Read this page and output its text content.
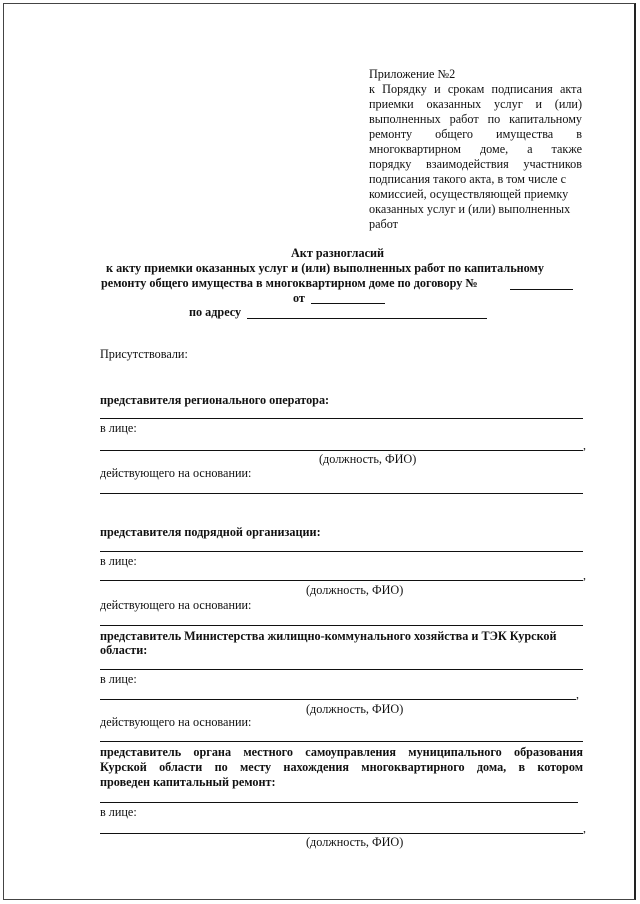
Приложение №2
к Порядку и срокам подписания акта
приемки оказанных услуг и (или)
выполненных работ по капитальному
ремонту общего имущества в
многоквартирном доме, а также
порядку взаимодействия участников
подписания такого акта, в том числе с
комиссией, осуществляющей приемку
оказанных услуг и (или) выполненных
работ
Акт разногласий
к акту приемки оказанных услуг и (или) выполненных работ по капитальному
ремонту общего имущества в многоквартирном доме по договору №
от
по адресу
Присутствовали:
представителя регионального оператора:
в лице:
,
(должность, ФИО)
действующего на основании:
представителя подрядной организации:
в лице:
,
(должность, ФИО)
действующего на основании:
представитель Министерства жилищно-коммунального хозяйства и ТЭК Курской
области:
в лице:
,
(должность, ФИО)
действующего на основании:
представитель органа местного самоуправления муниципального образования
Курской области по месту нахождения многоквартирного дома, в котором
проведен капитальный ремонт:
в лице:
,
(должность, ФИО)
